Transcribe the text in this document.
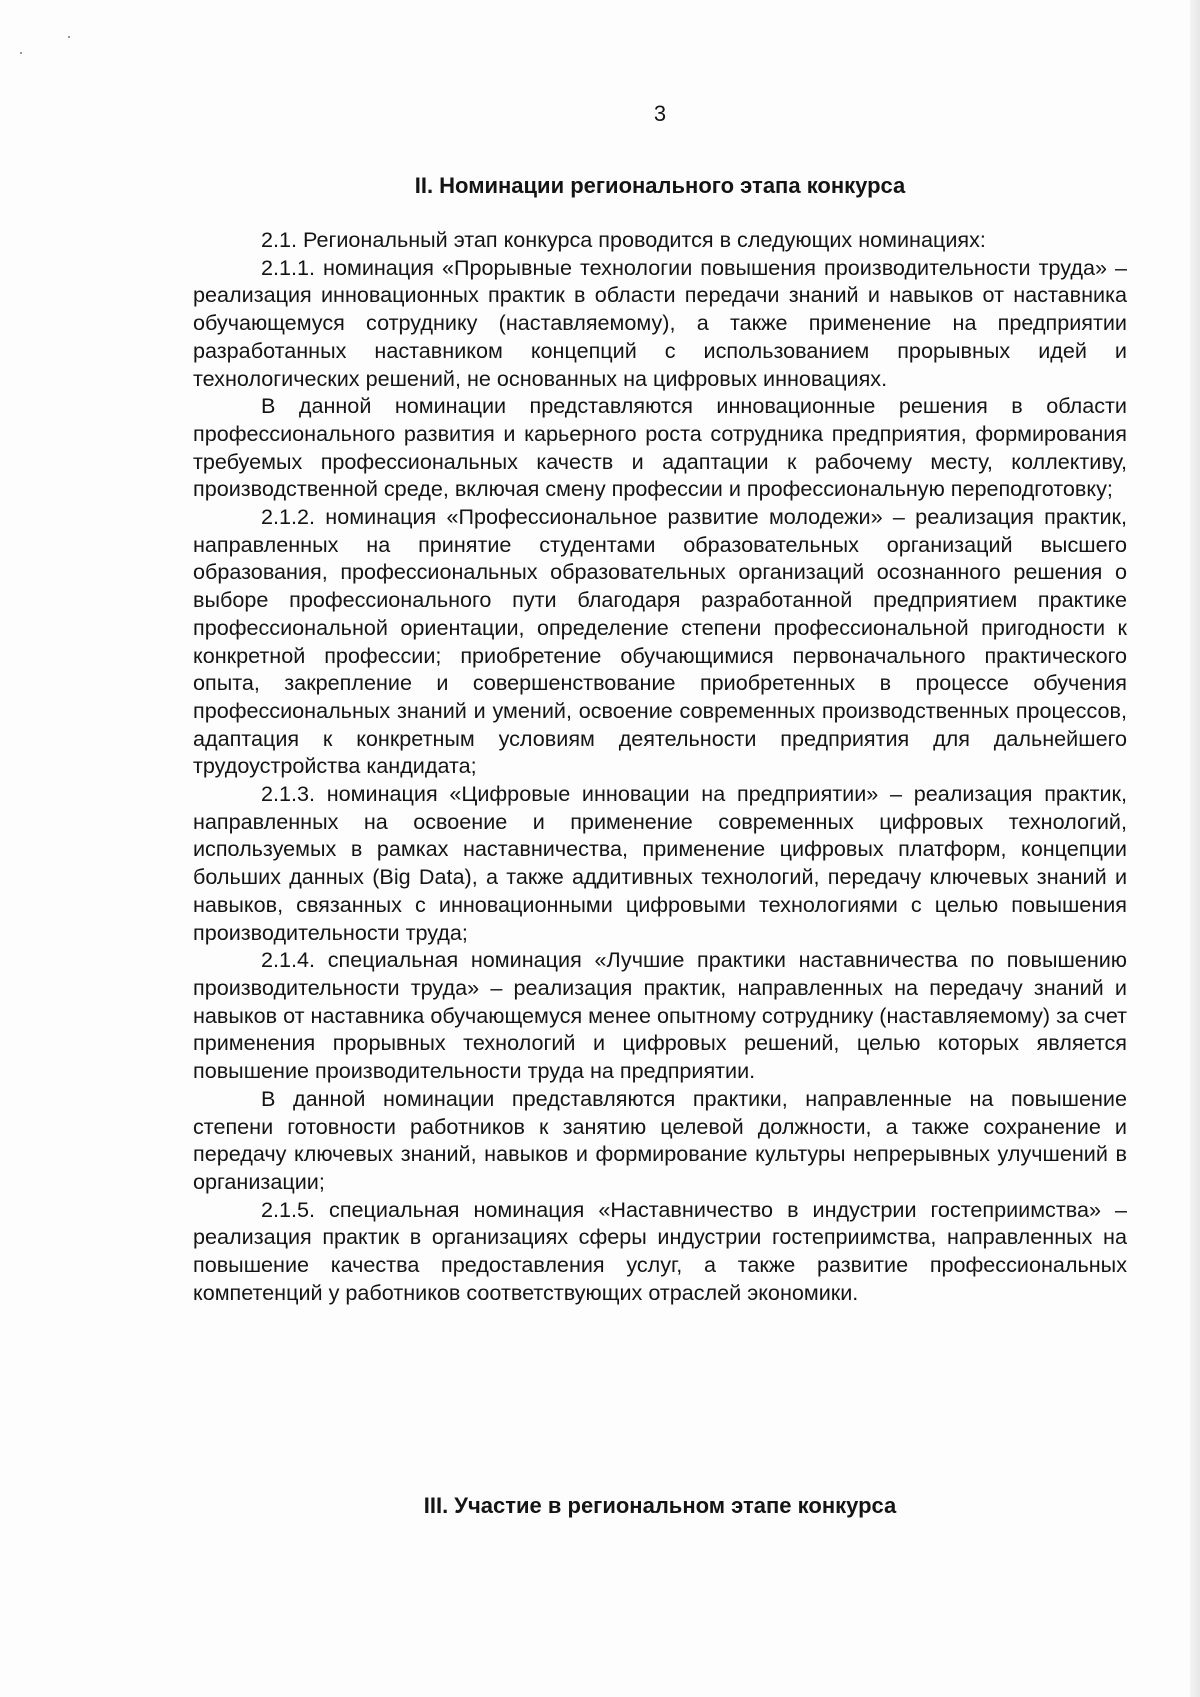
3
II. Номинации регионального этапа конкурса

2.1. Региональный этап конкурса проводится в следующих номинациях:

2.1.1. номинация «Прорывные технологии повышения производительности труда» – реализация инновационных практик в области передачи знаний и навыков от наставника обучающемуся сотруднику (наставляемому), а также применение на предприятии разработанных наставником концепций с использованием прорывных идей и технологических решений, не основанных на цифровых инновациях.

В данной номинации представляются инновационные решения в области профессионального развития и карьерного роста сотрудника предприятия, формирования требуемых профессиональных качеств и адаптации к рабочему месту, коллективу, производственной среде, включая смену профессии и профессиональную переподготовку;

2.1.2. номинация «Профессиональное развитие молодежи» – реализация практик, направленных на принятие студентами образовательных организаций высшего образования, профессиональных образовательных организаций осознанного решения о выборе профессионального пути благодаря разработанной предприятием практике профессиональной ориентации, определение степени профессиональной пригодности к конкретной профессии; приобретение обучающимися первоначального практического опыта, закрепление и совершенствование приобретенных в процессе обучения профессиональных знаний и умений, освоение современных производственных процессов, адаптация к конкретным условиям деятельности предприятия для дальнейшего трудоустройства кандидата;

2.1.3. номинация «Цифровые инновации на предприятии» – реализация практик, направленных на освоение и применение современных цифровых технологий, используемых в рамках наставничества, применение цифровых платформ, концепции больших данных (Big Data), а также аддитивных технологий, передачу ключевых знаний и навыков, связанных с инновационными цифровыми технологиями с целью повышения производительности труда;

2.1.4. специальная номинация «Лучшие практики наставничества по повышению производительности труда» – реализация практик, направленных на передачу знаний и навыков от наставника обучающемуся менее опытному сотруднику (наставляемому) за счет применения прорывных технологий и цифровых решений, целью которых является повышение производительности труда на предприятии.

В данной номинации представляются практики, направленные на повышение степени готовности работников к занятию целевой должности, а также сохранение и передачу ключевых знаний, навыков и формирование культуры непрерывных улучшений в организации;

2.1.5. специальная номинация «Наставничество в индустрии гостеприимства» – реализация практик в организациях сферы индустрии гостеприимства, направленных на повышение качества предоставления услуг, а также развитие профессиональных компетенций у работников соответствующих отраслей экономики.

III. Участие в региональном этапе конкурса
